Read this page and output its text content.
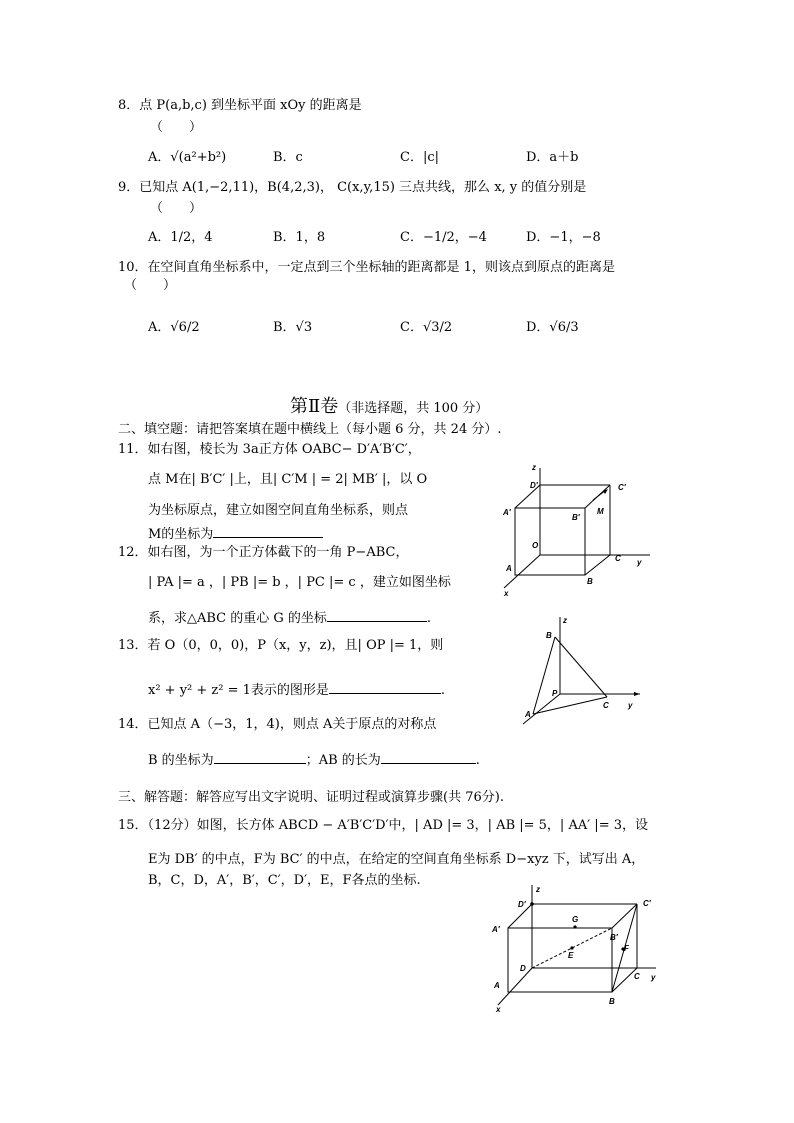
8．点 P(a,b,c) 到坐标平面 xOy 的距离是
（　　）
A．√(a²+b²)	B．c	C．|c|	D．a＋b
9．已知点 A(1,−2,11)，B(4,2,3)， C(x,y,15) 三点共线，那么 x, y 的值分别是
（　　）
A．1/2，4	B．1，8	C．−1/2，−4	D．−1，−8
10．在空间直角坐标系中，一定点到三个坐标轴的距离都是 1，则该点到原点的距离是
（　　）
A．√6/2	B．√3	C．√3/2	D．√6/3
第Ⅱ卷（非选择题，共 100 分）
二、填空题：请把答案填在题中横线上（每小题 6 分，共 24 分）.
11．如右图，棱长为 3a正方体 OABC− D′A′B′C′，
点 M在| B′C′ |上，且| C′M | = 2| MB′ |，以 O
为坐标原点，建立如图空间直角坐标系，则点
M的坐标为
12．如右图，为一个正方体截下的一角 P−ABC，
| PA |= a ，| PB |= b ，| PC |= c ，建立如图坐标
系，求△ABC 的重心 G 的坐标	.
13．若 O（0，0，0)，P（x，y，z)，且| OP |= 1，则
x² + y² + z² = 1表示的图形是	.
14．已知点 A（−3，1，4)，则点 A关于原点的对称点
B 的坐标为	；AB 的长为	.
三、解答题：解答应写出文字说明、证明过程或演算步骤(共 76分).
15．（12分）如图，长方体 ABCD − A′B′C′D′中，| AD |= 3，| AB |= 5，| AA′ |= 3，设
E为 DB′ 的中点，F为 BC′ 的中点，在给定的空间直角坐标系 D−xyz 下，试写出 A，
B，C，D，A′，B′，C′，D′，E，F各点的坐标.
z
D′	C′
A′
B′
M
O
A
B
C y
x
z
B
P
A
C y
z
D′	C′
A′
G
B′
E
F
D
A
C
B
y
x
